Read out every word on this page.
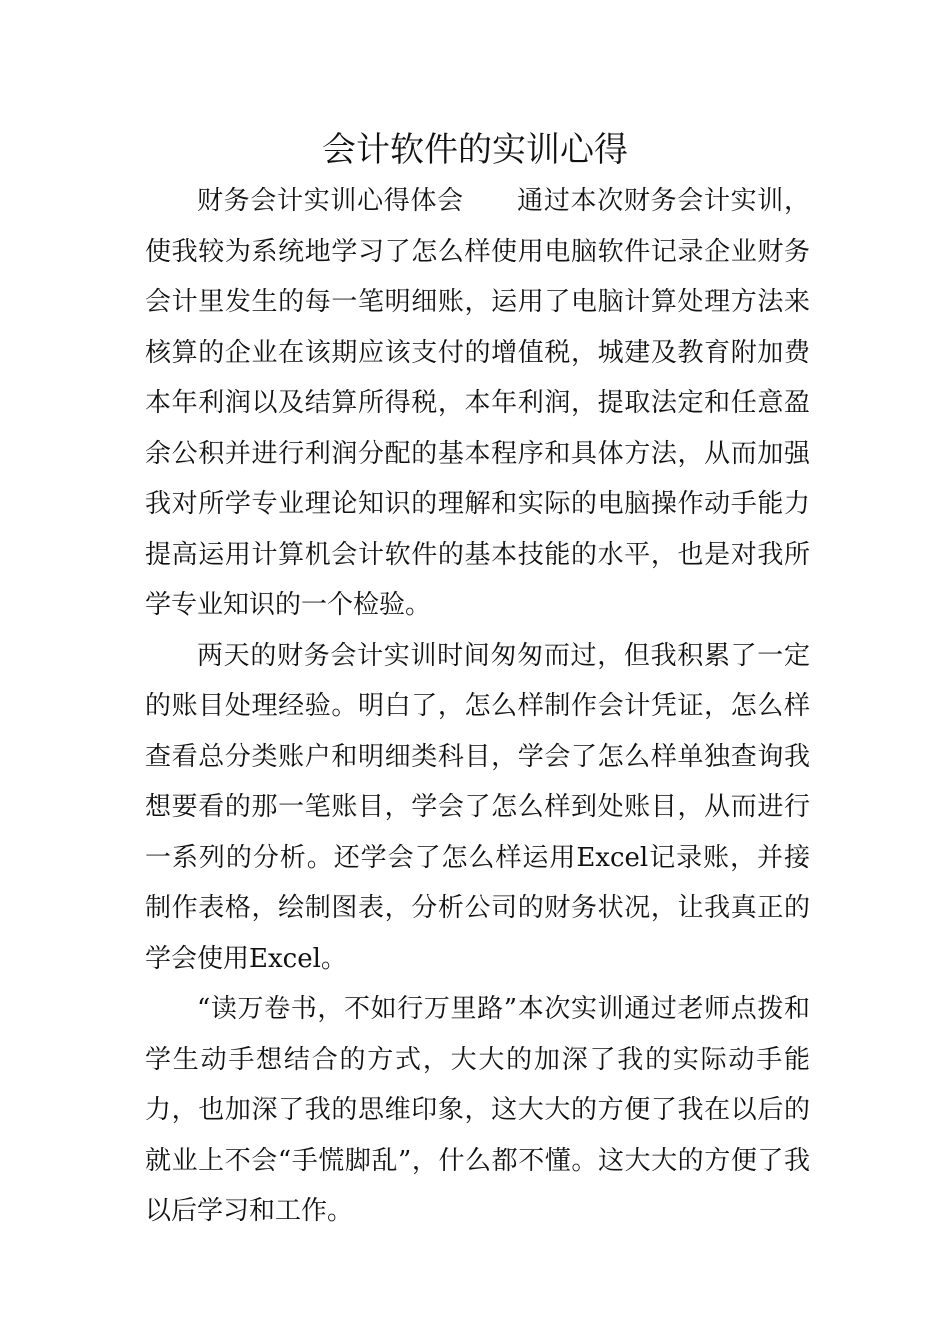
会计软件的实训心得

财务会计实训心得体会　　通过本次财务会计实训，使我较为系统地学习了怎么样使用电脑软件记录企业财务会计里发生的每一笔明细账，运用了电脑计算处理方法来核算的企业在该期应该支付的增值税，城建及教育附加费本年利润以及结算所得税，本年利润，提取法定和任意盈余公积并进行利润分配的基本程序和具体方法，从而加强我对所学专业理论知识的理解和实际的电脑操作动手能力提高运用计算机会计软件的基本技能的水平，也是对我所学专业知识的一个检验。

两天的财务会计实训时间匆匆而过，但我积累了一定的账目处理经验。明白了，怎么样制作会计凭证，怎么样查看总分类账户和明细类科目，学会了怎么样单独查询我想要看的那一笔账目，学会了怎么样到处账目，从而进行一系列的分析。还学会了怎么样运用Excel记录账，并接制作表格，绘制图表，分析公司的财务状况，让我真正的学会使用Excel。

“读万卷书，不如行万里路”本次实训通过老师点拨和学生动手想结合的方式，大大的加深了我的实际动手能力，也加深了我的思维印象，这大大的方便了我在以后的就业上不会“手慌脚乱”，什么都不懂。这大大的方便了我以后学习和工作。
